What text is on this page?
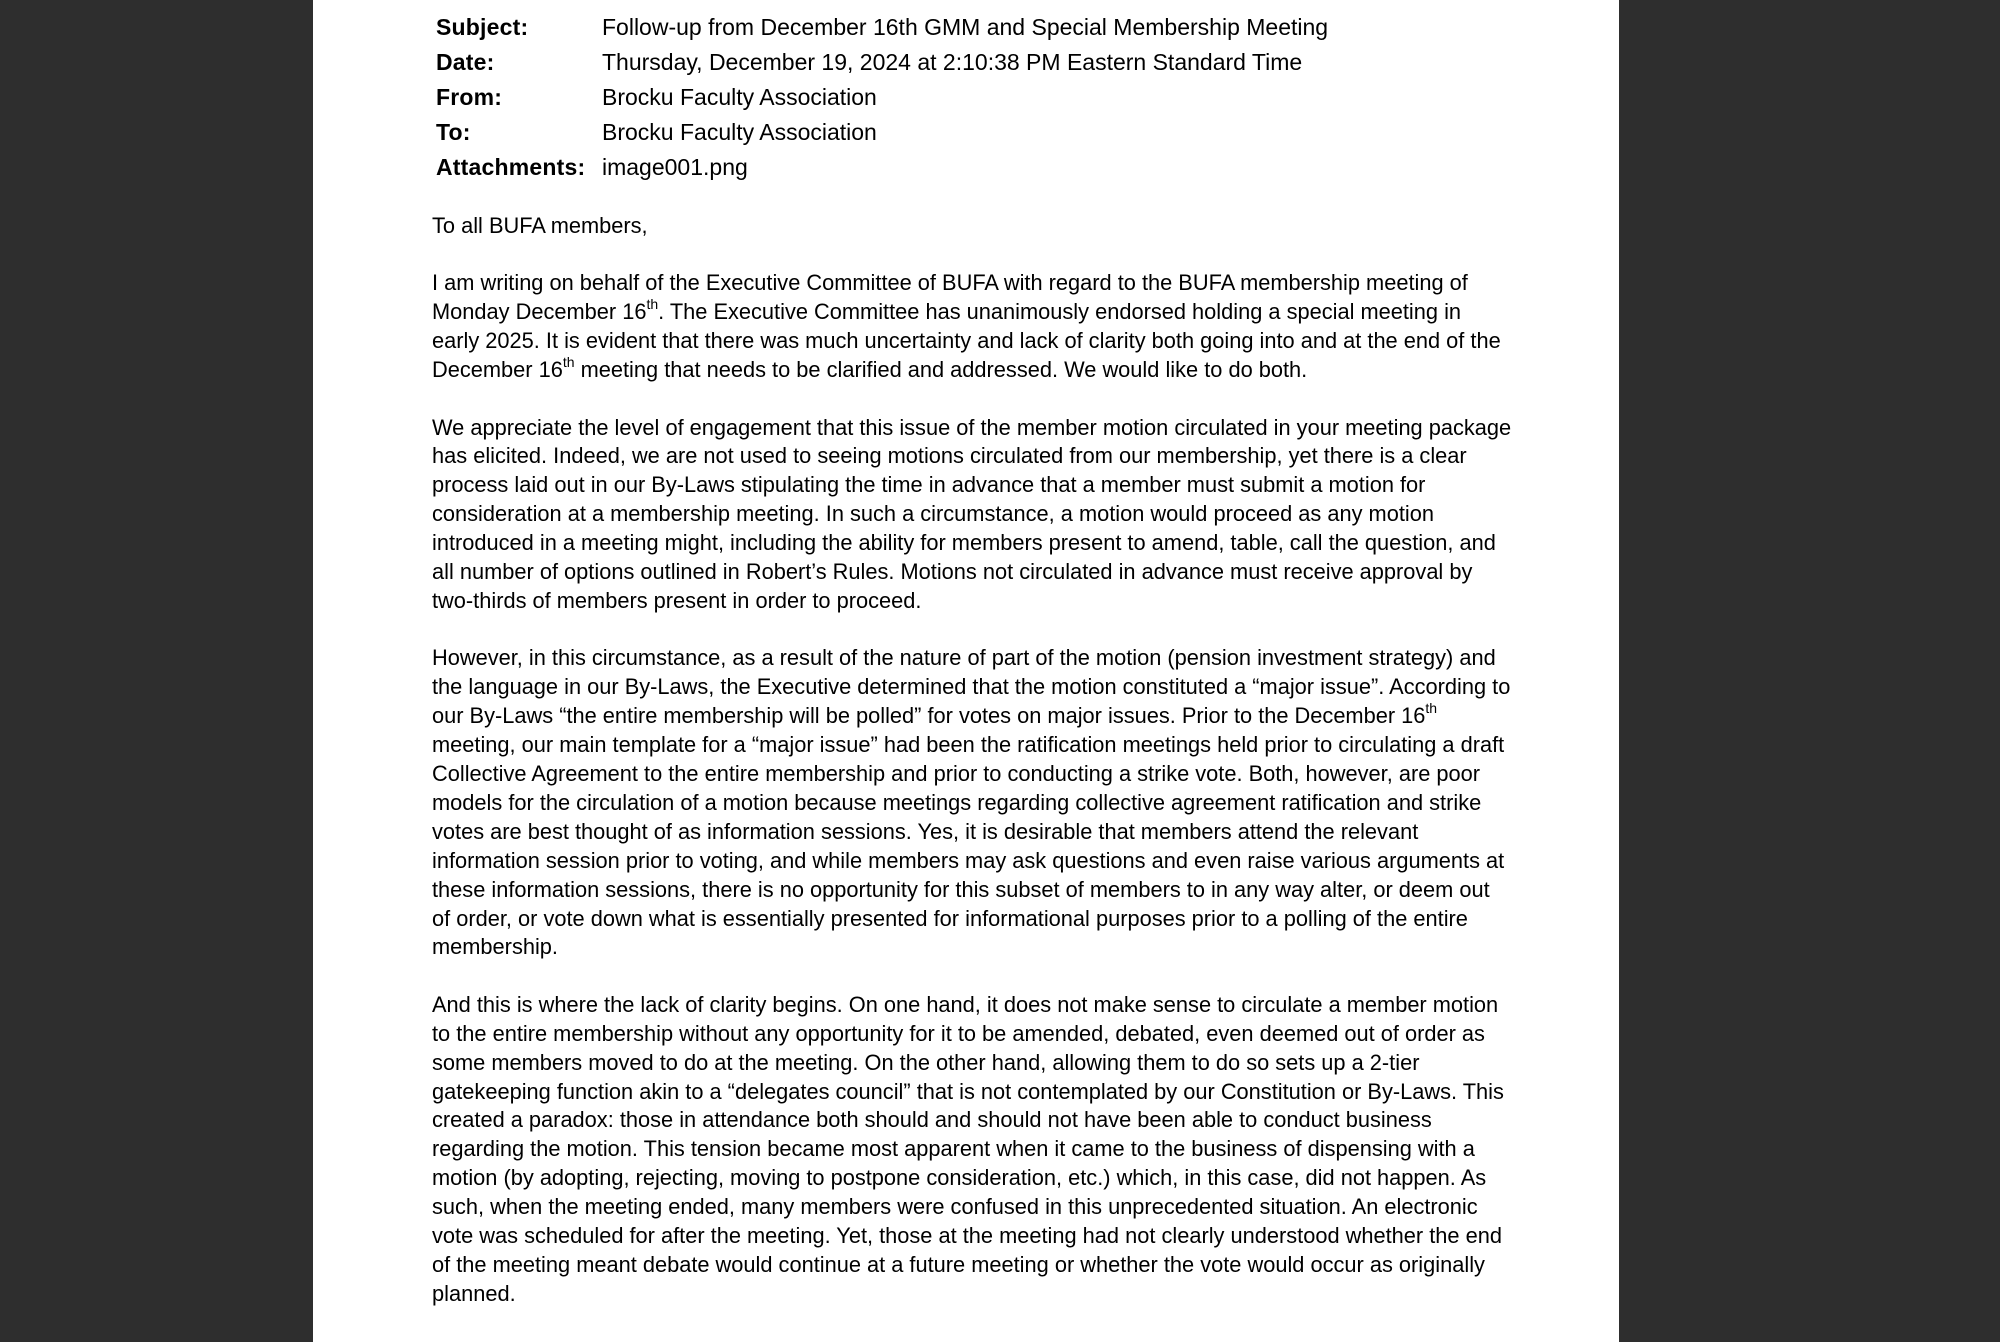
Subject:	Follow-up from December 16th GMM and Special Membership Meeting
Date:	Thursday, December 19, 2024 at 2:10:38 PM Eastern Standard Time
From:	Brocku Faculty Association
To:	Brocku Faculty Association
Attachments:	image001.png

To all BUFA members,

I am writing on behalf of the Executive Committee of BUFA with regard to the BUFA membership meeting of Monday December 16th. The Executive Committee has unanimously endorsed holding a special meeting in early 2025. It is evident that there was much uncertainty and lack of clarity both going into and at the end of the December 16th meeting that needs to be clarified and addressed. We would like to do both.

We appreciate the level of engagement that this issue of the member motion circulated in your meeting package has elicited. Indeed, we are not used to seeing motions circulated from our membership, yet there is a clear process laid out in our By-Laws stipulating the time in advance that a member must submit a motion for consideration at a membership meeting. In such a circumstance, a motion would proceed as any motion introduced in a meeting might, including the ability for members present to amend, table, call the question, and all number of options outlined in Robert’s Rules. Motions not circulated in advance must receive approval by two-thirds of members present in order to proceed.

However, in this circumstance, as a result of the nature of part of the motion (pension investment strategy) and the language in our By-Laws, the Executive determined that the motion constituted a “major issue”. According to our By-Laws “the entire membership will be polled” for votes on major issues. Prior to the December 16th meeting, our main template for a “major issue” had been the ratification meetings held prior to circulating a draft Collective Agreement to the entire membership and prior to conducting a strike vote. Both, however, are poor models for the circulation of a motion because meetings regarding collective agreement ratification and strike votes are best thought of as information sessions. Yes, it is desirable that members attend the relevant information session prior to voting, and while members may ask questions and even raise various arguments at these information sessions, there is no opportunity for this subset of members to in any way alter, or deem out of order, or vote down what is essentially presented for informational purposes prior to a polling of the entire membership.

And this is where the lack of clarity begins. On one hand, it does not make sense to circulate a member motion to the entire membership without any opportunity for it to be amended, debated, even deemed out of order as some members moved to do at the meeting. On the other hand, allowing them to do so sets up a 2-tier gatekeeping function akin to a “delegates council” that is not contemplated by our Constitution or By-Laws. This created a paradox: those in attendance both should and should not have been able to conduct business regarding the motion. This tension became most apparent when it came to the business of dispensing with a motion (by adopting, rejecting, moving to postpone consideration, etc.) which, in this case, did not happen. As such, when the meeting ended, many members were confused in this unprecedented situation. An electronic vote was scheduled for after the meeting. Yet, those at the meeting had not clearly understood whether the end of the meeting meant debate would continue at a future meeting or whether the vote would occur as originally planned.
